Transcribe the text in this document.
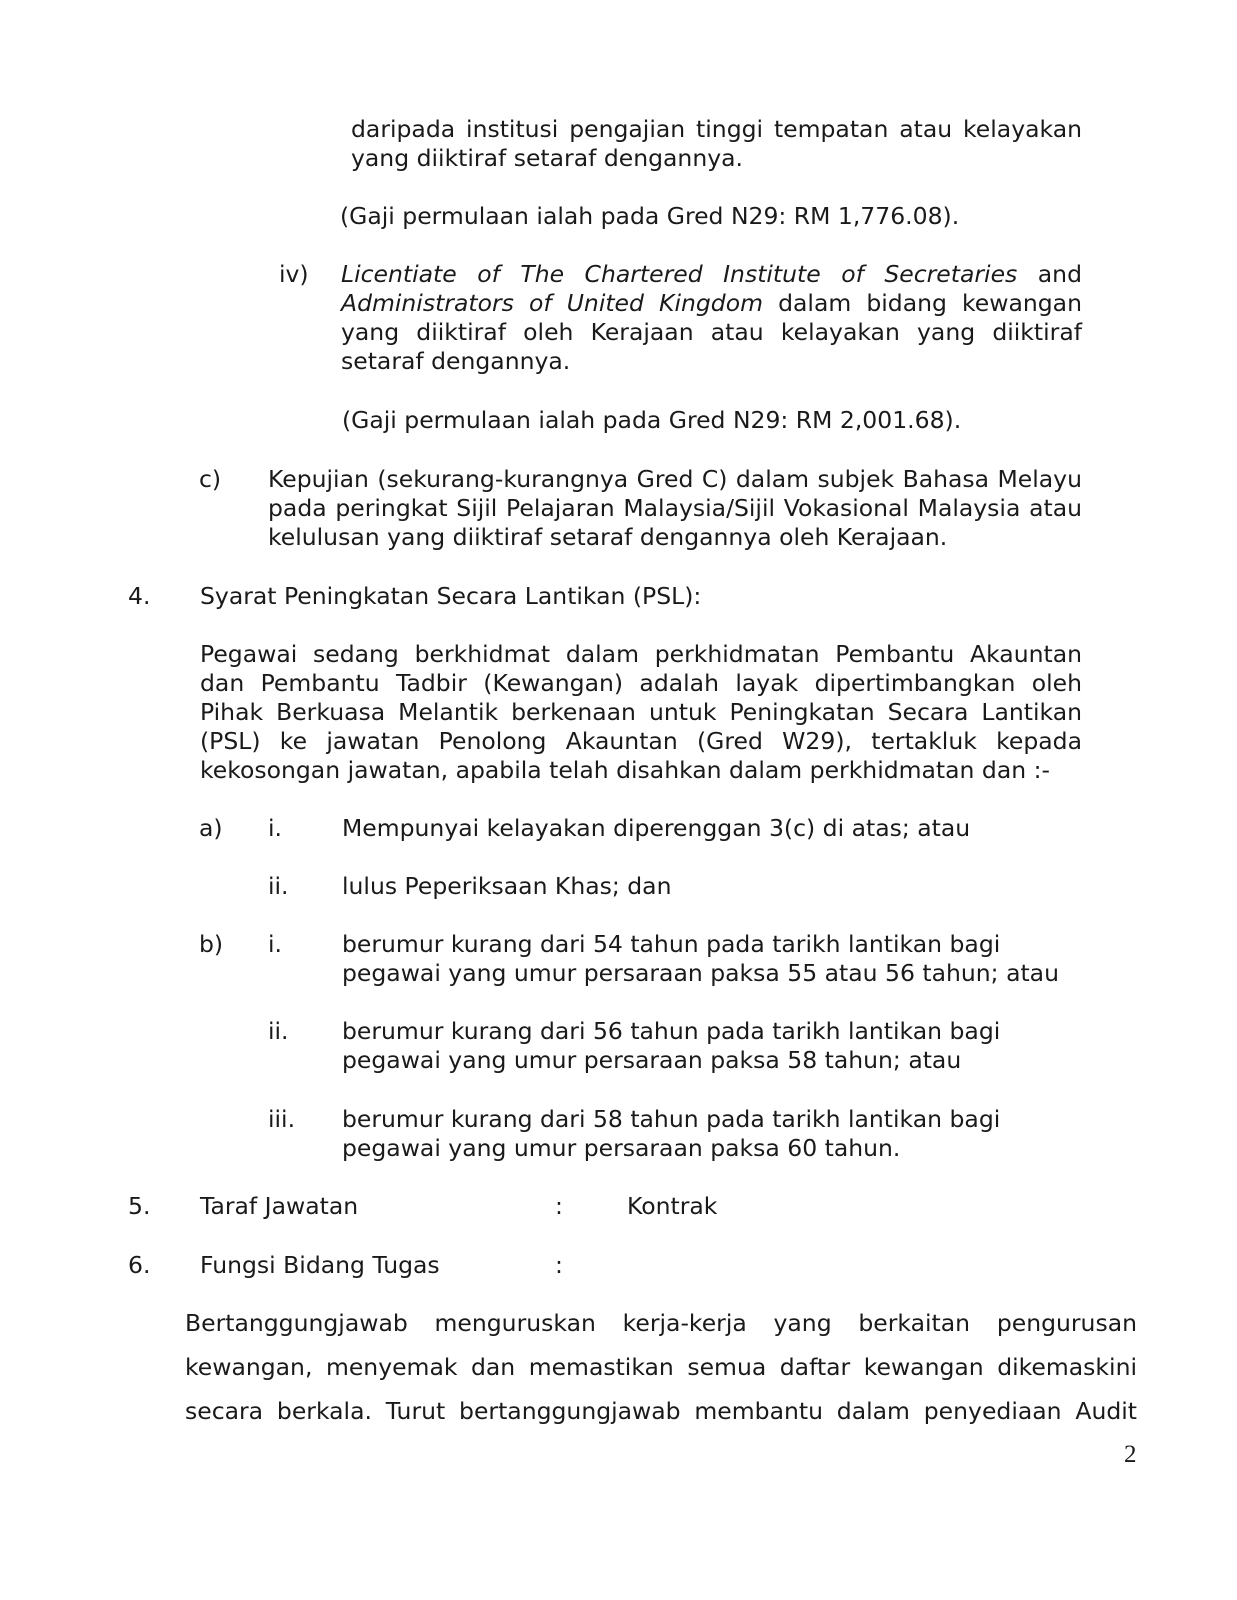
daripada institusi pengajian tinggi tempatan atau kelayakan yang diiktiraf setaraf dengannya.
(Gaji permulaan ialah pada Gred N29: RM 1,776.08).
iv) Licentiate of The Chartered Institute of Secretaries and Administrators of United Kingdom dalam bidang kewangan yang diiktiraf oleh Kerajaan atau kelayakan yang diiktiraf setaraf dengannya.
(Gaji permulaan ialah pada Gred N29: RM 2,001.68).
c) Kepujian (sekurang-kurangnya Gred C) dalam subjek Bahasa Melayu pada peringkat Sijil Pelajaran Malaysia/Sijil Vokasional Malaysia atau kelulusan yang diiktiraf setaraf dengannya oleh Kerajaan.
4. Syarat Peningkatan Secara Lantikan (PSL):
Pegawai sedang berkhidmat dalam perkhidmatan Pembantu Akauntan dan Pembantu Tadbir (Kewangan) adalah layak dipertimbangkan oleh Pihak Berkuasa Melantik berkenaan untuk Peningkatan Secara Lantikan (PSL) ke jawatan Penolong Akauntan (Gred W29), tertakluk kepada kekosongan jawatan, apabila telah disahkan dalam perkhidmatan dan :-
a) i.	Mempunyai kelayakan diperenggan 3(c) di atas; atau
ii. lulus Peperiksaan Khas; dan
b) i.	berumur kurang dari 54 tahun pada tarikh lantikan bagi
pegawai yang umur persaraan paksa 55 atau 56 tahun; atau
ii. berumur kurang dari 56 tahun pada tarikh lantikan bagi
pegawai yang umur persaraan paksa 58 tahun; atau
iii. berumur kurang dari 58 tahun pada tarikh lantikan bagi
pegawai yang umur persaraan paksa 60 tahun.
5. Taraf Jawatan	:	Kontrak
6. Fungsi Bidang Tugas	:
Bertanggungjawab menguruskan kerja-kerja yang berkaitan pengurusan
kewangan, menyemak dan memastikan semua daftar kewangan dikemaskini
secara berkala. Turut bertanggungjawab membantu dalam penyediaan Audit
2
